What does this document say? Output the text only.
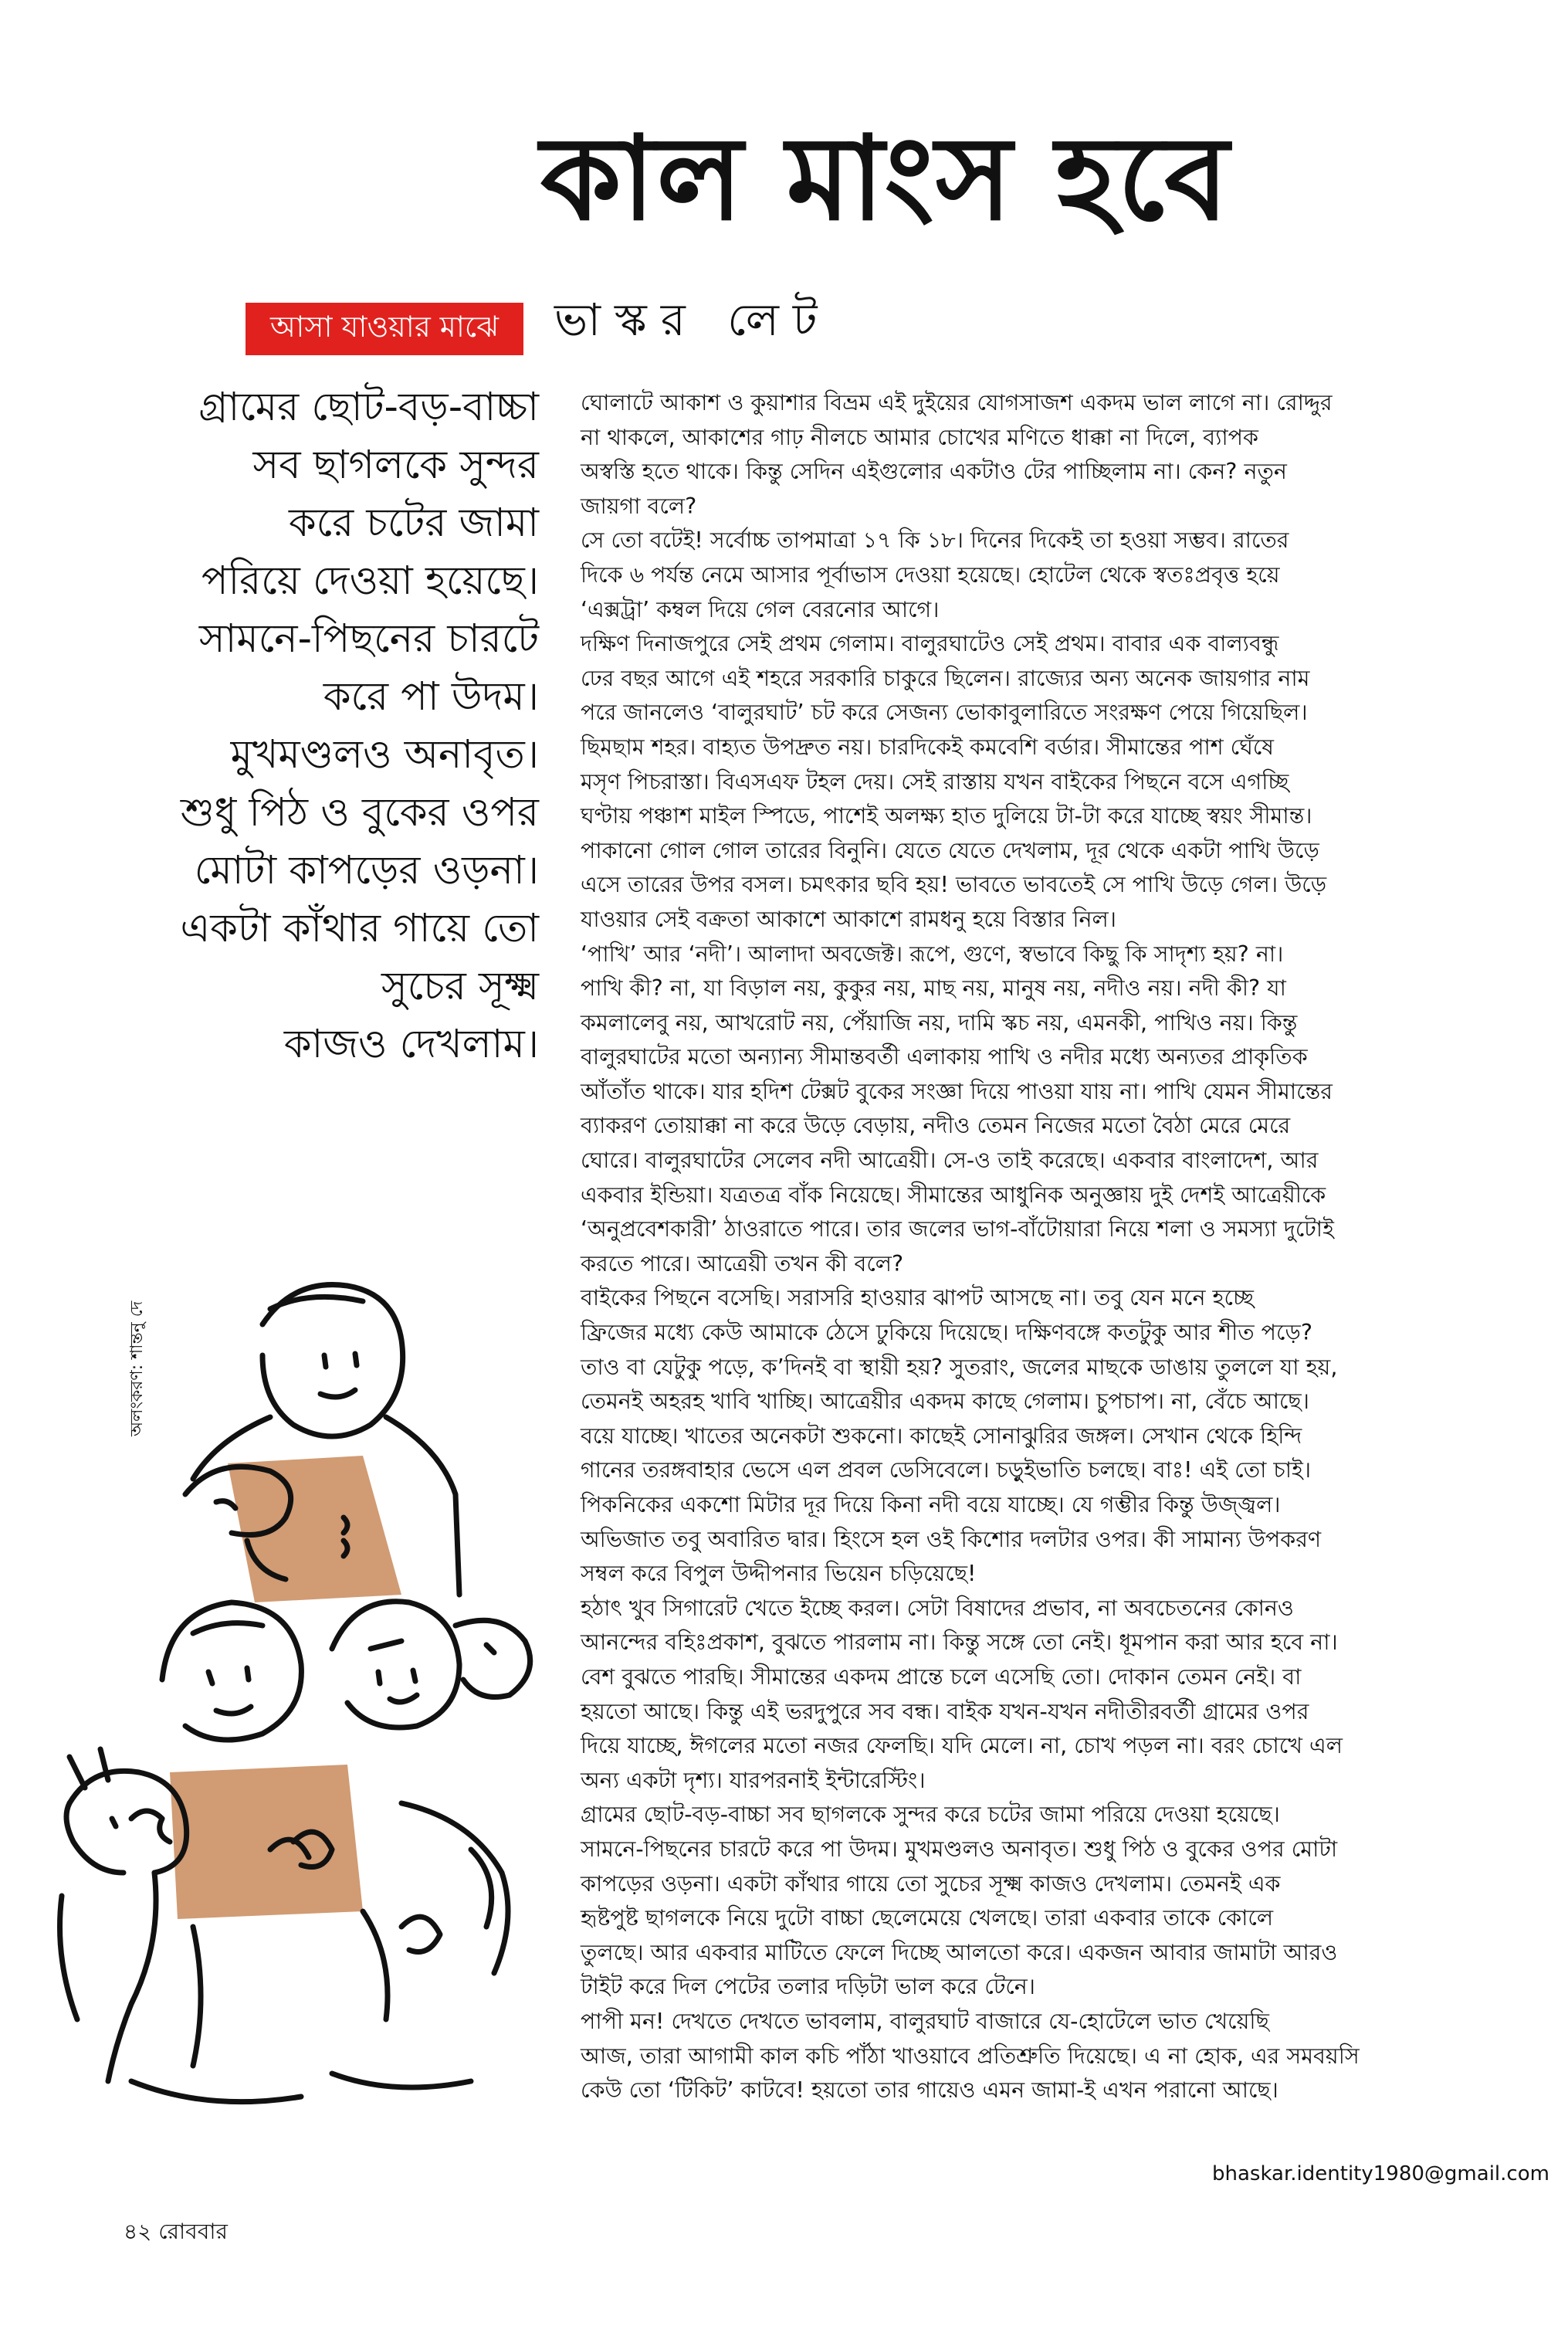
কাল মাংস হবে
ভাস্কর লেট
আসা যাওয়ার মাঝে
গ্রামের ছোট-বড়-বাচ্চা
সব ছাগলকে সুন্দর
করে চটের জামা
পরিয়ে দেওয়া হয়েছে।
সামনে-পিছনের চারটে
করে পা উদম।
মুখমণ্ডলও অনাবৃত।
শুধু পিঠ ও বুকের ওপর
মোটা কাপড়ের ওড়না।
একটা কাঁথার গায়ে তো
সুচের সূক্ষ্ম
কাজও দেখলাম।
ঘোলাটে আকাশ ও কুয়াশার বিভ্রম এই দুইয়ের যোগসাজশ একদম ভাল লাগে না। রোদ্দুর
না থাকলে, আকাশের গাঢ় নীলচে আমার চোখের মণিতে ধাক্কা না দিলে, ব্যাপক
অস্বস্তি হতে থাকে। কিন্তু সেদিন এইগুলোর একটাও টের পাচ্ছিলাম না। কেন? নতুন
জায়গা বলে?
সে তো বটেই! সর্বোচ্চ তাপমাত্রা ১৭ কি ১৮। দিনের দিকেই তা হওয়া সম্ভব। রাতের
দিকে ৬ পর্যন্ত নেমে আসার পূর্বাভাস দেওয়া হয়েছে। হোটেল থেকে স্বতঃপ্রবৃত্ত হয়ে
‘এক্সট্রা’ কম্বল দিয়ে গেল বেরনোর আগে।
দক্ষিণ দিনাজপুরে সেই প্রথম গেলাম। বালুরঘাটেও সেই প্রথম। বাবার এক বাল্যবন্ধু
ঢের বছর আগে এই শহরে সরকারি চাকুরে ছিলেন। রাজ্যের অন্য অনেক জায়গার নাম
পরে জানলেও ‘বালুরঘাট’ চট করে সেজন্য ভোকাবুলারিতে সংরক্ষণ পেয়ে গিয়েছিল।
ছিমছাম শহর। বাহ্যত উপদ্রুত নয়। চারদিকেই কমবেশি বর্ডার। সীমান্তের পাশ ঘেঁষে
মসৃণ পিচরাস্তা। বিএসএফ টহল দেয়। সেই রাস্তায় যখন বাইকের পিছনে বসে এগচ্ছি
ঘণ্টায় পঞ্চাশ মাইল স্পিডে, পাশেই অলক্ষ্য হাত দুলিয়ে টা-টা করে যাচ্ছে স্বয়ং সীমান্ত।
পাকানো গোল গোল তারের বিনুনি। যেতে যেতে দেখলাম, দূর থেকে একটা পাখি উড়ে
এসে তারের উপর বসল। চমৎকার ছবি হয়! ভাবতে ভাবতেই সে পাখি উড়ে গেল। উড়ে
যাওয়ার সেই বক্রতা আকাশে আকাশে রামধনু হয়ে বিস্তার নিল।
‘পাখি’ আর ‘নদী’। আলাদা অবজেক্ট। রূপে, গুণে, স্বভাবে কিছু কি সাদৃশ্য হয়? না।
পাখি কী? না, যা বিড়াল নয়, কুকুর নয়, মাছ নয়, মানুষ নয়, নদীও নয়। নদী কী? যা
কমলালেবু নয়, আখরোট নয়, পেঁয়াজি নয়, দামি স্কচ নয়, এমনকী, পাখিও নয়। কিন্তু
বালুরঘাটের মতো অন্যান্য সীমান্তবর্তী এলাকায় পাখি ও নদীর মধ্যে অন্যতর প্রাকৃতিক
আঁতাঁত থাকে। যার হদিশ টেক্সট বুকের সংজ্ঞা দিয়ে পাওয়া যায় না। পাখি যেমন সীমান্তের
ব্যাকরণ তোয়াক্কা না করে উড়ে বেড়ায়, নদীও তেমন নিজের মতো বৈঠা মেরে মেরে
ঘোরে। বালুরঘাটের সেলেব নদী আত্রেয়ী। সে-ও তাই করেছে। একবার বাংলাদেশ, আর
একবার ইন্ডিয়া। যত্রতত্র বাঁক নিয়েছে। সীমান্তের আধুনিক অনুজ্ঞায় দুই দেশই আত্রেয়ীকে
‘অনুপ্রবেশকারী’ ঠাওরাতে পারে। তার জলের ভাগ-বাঁটোয়ারা নিয়ে শলা ও সমস্যা দুটোই
করতে পারে। আত্রেয়ী তখন কী বলে?
বাইকের পিছনে বসেছি। সরাসরি হাওয়ার ঝাপট আসছে না। তবু যেন মনে হচ্ছে
ফ্রিজের মধ্যে কেউ আমাকে ঠেসে ঢুকিয়ে দিয়েছে। দক্ষিণবঙ্গে কতটুকু আর শীত পড়ে?
তাও বা যেটুকু পড়ে, ক’দিনই বা স্থায়ী হয়? সুতরাং, জলের মাছকে ডাঙায় তুললে যা হয়,
তেমনই অহরহ খাবি খাচ্ছি। আত্রেয়ীর একদম কাছে গেলাম। চুপচাপ। না, বেঁচে আছে।
বয়ে যাচ্ছে। খাতের অনেকটা শুকনো। কাছেই সোনাঝুরির জঙ্গল। সেখান থেকে হিন্দি
গানের তরঙ্গবাহার ভেসে এল প্রবল ডেসিবেলে। চড়ুইভাতি চলছে। বাঃ! এই তো চাই।
পিকনিকের একশো মিটার দূর দিয়ে কিনা নদী বয়ে যাচ্ছে। যে গম্ভীর কিন্তু উজ্জ্বল।
অভিজাত তবু অবারিত দ্বার। হিংসে হল ওই কিশোর দলটার ওপর। কী সামান্য উপকরণ
সম্বল করে বিপুল উদ্দীপনার ভিয়েন চড়িয়েছে!
হঠাৎ খুব সিগারেট খেতে ইচ্ছে করল। সেটা বিষাদের প্রভাব, না অবচেতনের কোনও
আনন্দের বহিঃপ্রকাশ, বুঝতে পারলাম না। কিন্তু সঙ্গে তো নেই। ধূমপান করা আর হবে না।
বেশ বুঝতে পারছি। সীমান্তের একদম প্রান্তে চলে এসেছি তো। দোকান তেমন নেই। বা
হয়তো আছে। কিন্তু এই ভরদুপুরে সব বন্ধ। বাইক যখন-যখন নদীতীরবর্তী গ্রামের ওপর
দিয়ে যাচ্ছে, ঈগলের মতো নজর ফেলছি। যদি মেলে। না, চোখ পড়ল না। বরং চোখে এল
অন্য একটা দৃশ্য। যারপরনাই ইন্টারেস্টিং।
গ্রামের ছোট-বড়-বাচ্চা সব ছাগলকে সুন্দর করে চটের জামা পরিয়ে দেওয়া হয়েছে।
সামনে-পিছনের চারটে করে পা উদম। মুখমণ্ডলও অনাবৃত। শুধু পিঠ ও বুকের ওপর মোটা
কাপড়ের ওড়না। একটা কাঁথার গায়ে তো সুচের সূক্ষ্ম কাজও দেখলাম। তেমনই এক
হৃষ্টপুষ্ট ছাগলকে নিয়ে দুটো বাচ্চা ছেলেমেয়ে খেলছে। তারা একবার তাকে কোলে
তুলছে। আর একবার মাটিতে ফেলে দিচ্ছে আলতো করে। একজন আবার জামাটা আরও
টাইট করে দিল পেটের তলার দড়িটা ভাল করে টেনে।
পাপী মন! দেখতে দেখতে ভাবলাম, বালুরঘাট বাজারে যে-হোটেলে ভাত খেয়েছি
আজ, তারা আগামী কাল কচি পাঁঠা খাওয়াবে প্রতিশ্রুতি দিয়েছে। এ না হোক, এর সমবয়সি
কেউ তো ‘টিকিট’ কাটবে! হয়তো তার গায়েও এমন জামা-ই এখন পরানো আছে।
bhaskar.identity1980@gmail.com
অলংকরণ: শান্তনু দে
৪২ রোববার
